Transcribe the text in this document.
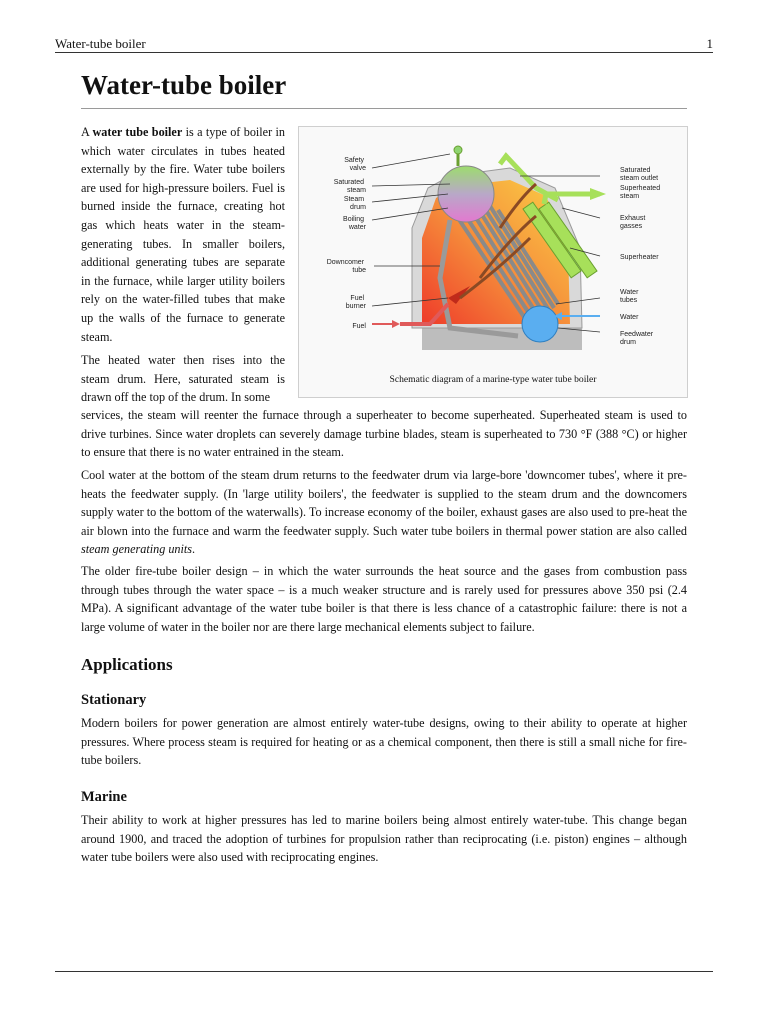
Water-tube boiler	1
Water-tube boiler

A water tube boiler is a type of boiler in which water circulates in tubes heated externally by the fire. Water tube boilers are used for high-pressure boilers. Fuel is burned inside the furnace, creating hot gas which heats water in the steam-generating tubes. In smaller boilers, additional generating tubes are separate in the furnace, while larger utility boilers rely on the water-filled tubes that make up the walls of the furnace to generate steam.

Safety valve
Saturated steam
Steam drum
Boiling water
Downcomer tube
Fuel burner
Fuel
Saturated steam outlet
Superheated steam
Exhaust gasses
Superheater
Water tubes
Water
Feedwater drum
Schematic diagram of a marine-type water tube boiler

The heated water then rises into the steam drum. Here, saturated steam is drawn off the top of the drum. In some

services, the steam will reenter the furnace through a superheater to become superheated. Superheated steam is used to drive turbines. Since water droplets can severely damage turbine blades, steam is superheated to 730 °F (388 °C) or higher to ensure that there is no water entrained in the steam.

Cool water at the bottom of the steam drum returns to the feedwater drum via large-bore 'downcomer tubes', where it pre-heats the feedwater supply. (In 'large utility boilers', the feedwater is supplied to the steam drum and the downcomers supply water to the bottom of the waterwalls). To increase economy of the boiler, exhaust gases are also used to pre-heat the air blown into the furnace and warm the feedwater supply. Such water tube boilers in thermal power station are also called steam generating units.

The older fire-tube boiler design – in which the water surrounds the heat source and the gases from combustion pass through tubes through the water space – is a much weaker structure and is rarely used for pressures above 350 psi (2.4 MPa). A significant advantage of the water tube boiler is that there is less chance of a catastrophic failure: there is not a large volume of water in the boiler nor are there large mechanical elements subject to failure.

Applications
Stationary

Modern boilers for power generation are almost entirely water-tube designs, owing to their ability to operate at higher pressures. Where process steam is required for heating or as a chemical component, then there is still a small niche for fire-tube boilers.

Marine

Their ability to work at higher pressures has led to marine boilers being almost entirely water-tube. This change began around 1900, and traced the adoption of turbines for propulsion rather than reciprocating (i.e. piston) engines – although water tube boilers were also used with reciprocating engines.
